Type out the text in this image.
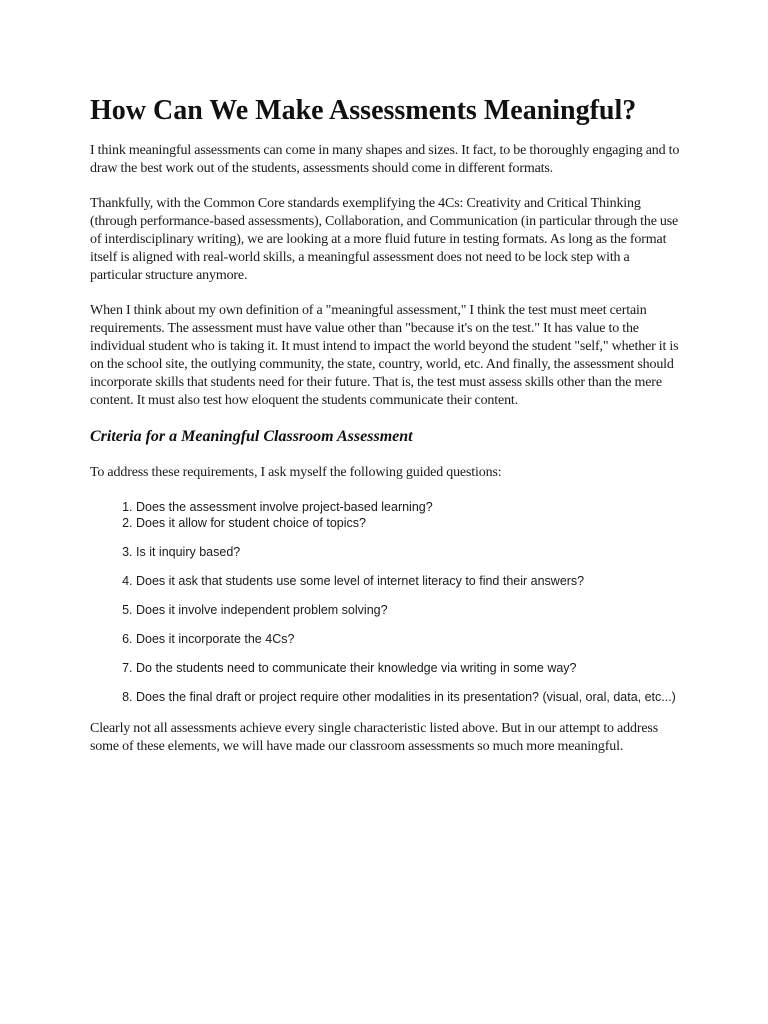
How Can We Make Assessments Meaningful?

I think meaningful assessments can come in many shapes and sizes. It fact, to be thoroughly engaging and to draw the best work out of the students, assessments should come in different formats.

Thankfully, with the Common Core standards exemplifying the 4Cs: Creativity and Critical Thinking (through performance-based assessments), Collaboration, and Communication (in particular through the use of interdisciplinary writing), we are looking at a more fluid future in testing formats. As long as the format itself is aligned with real-world skills, a meaningful assessment does not need to be lock step with a particular structure anymore.

When I think about my own definition of a "meaningful assessment," I think the test must meet certain requirements. The assessment must have value other than "because it's on the test." It has value to the individual student who is taking it. It must intend to impact the world beyond the student "self," whether it is on the school site, the outlying community, the state, country, world, etc. And finally, the assessment should incorporate skills that students need for their future. That is, the test must assess skills other than the mere content. It must also test how eloquent the students communicate their content.

Criteria for a Meaningful Classroom Assessment

To address these requirements, I ask myself the following guided questions:

1. Does the assessment involve project-based learning?
2. Does it allow for student choice of topics?
3. Is it inquiry based?
4. Does it ask that students use some level of internet literacy to find their answers?
5. Does it involve independent problem solving?
6. Does it incorporate the 4Cs?
7. Do the students need to communicate their knowledge via writing in some way?
8. Does the final draft or project require other modalities in its presentation? (visual, oral, data, etc...)

Clearly not all assessments achieve every single characteristic listed above. But in our attempt to address some of these elements, we will have made our classroom assessments so much more meaningful.
